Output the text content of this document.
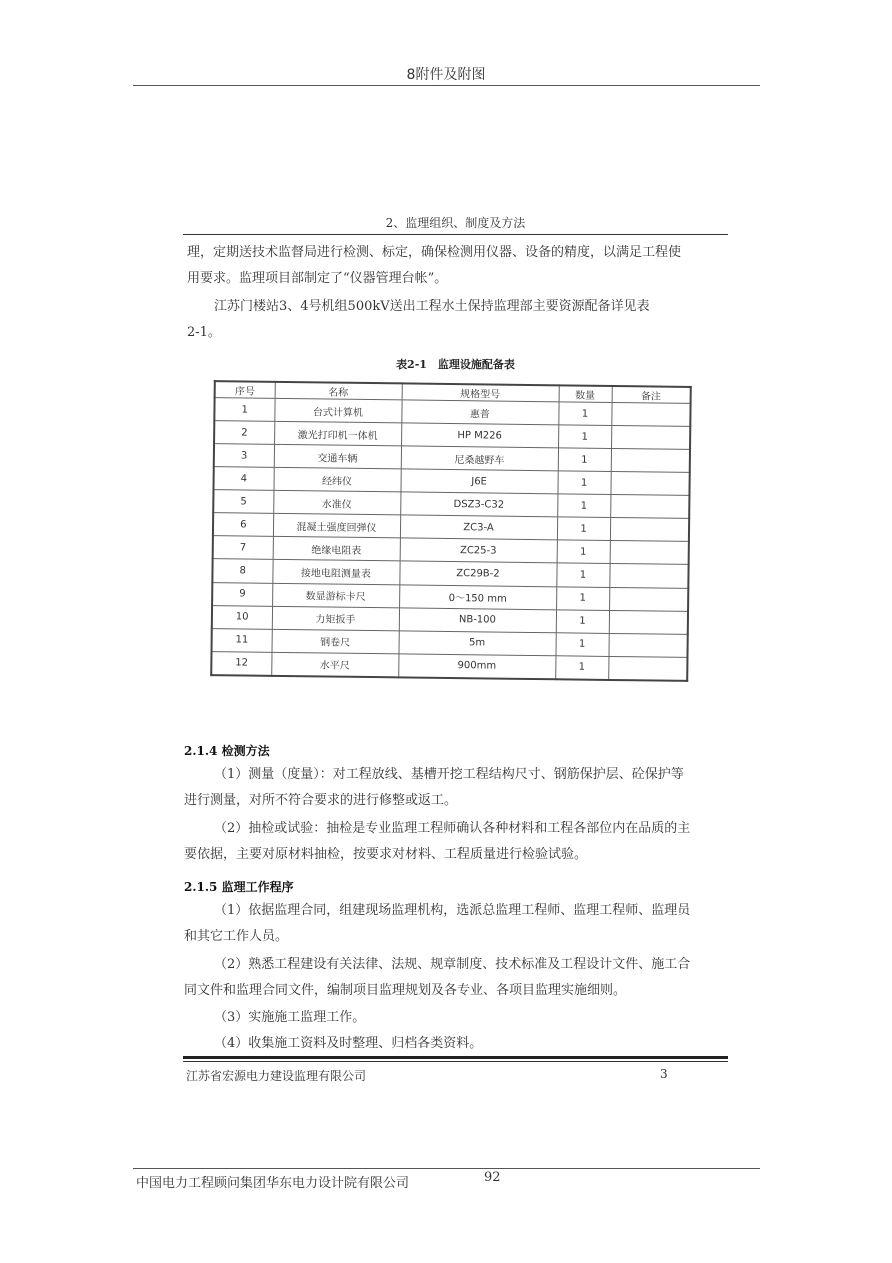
8附件及附图
2、监理组织、制度及方法
理，定期送技术监督局进行检测、标定，确保检测用仪器、设备的精度，以满足工程使
用要求。监理项目部制定了“仪器管理台帐”。
江苏门楼站3、4号机组500kV送出工程水土保持监理部主要资源配备详见表
2-1。
表2-1　监理设施配备表
序号	名称	规格型号	数量	备注
1	台式计算机	惠普	1	
2	激光打印机一体机	HP M226	1	
3	交通车辆	尼桑越野车	1	
4	经纬仪	J6E	1	
5	水准仪	DSZ3-C32	1	
6	混凝土强度回弹仪	ZC3-A	1	
7	绝缘电阻表	ZC25-3	1	
8	接地电阻测量表	ZC29B-2	1	
9	数显游标卡尺	0～150 mm	1	
10	力矩扳手	NB-100	1	
11	钢卷尺	5m	1	
12	水平尺	900mm	1	
2.1.4 检测方法
（1）测量（度量）：对工程放线、基槽开挖工程结构尺寸、钢筋保护层、砼保护等
进行测量，对所不符合要求的进行修整或返工。
（2）抽检或试验：抽检是专业监理工程师确认各种材料和工程各部位内在品质的主
要依据，主要对原材料抽检，按要求对材料、工程质量进行检验试验。
2.1.5 监理工作程序
（1）依据监理合同，组建现场监理机构，选派总监理工程师、监理工程师、监理员
和其它工作人员。
（2）熟悉工程建设有关法律、法规、规章制度、技术标准及工程设计文件、施工合
同文件和监理合同文件，编制项目监理规划及各专业、各项目监理实施细则。
（3）实施施工监理工作。
（4）收集施工资料及时整理、归档各类资料。
江苏省宏源电力建设监理有限公司	3
中国电力工程顾问集团华东电力设计院有限公司	92
